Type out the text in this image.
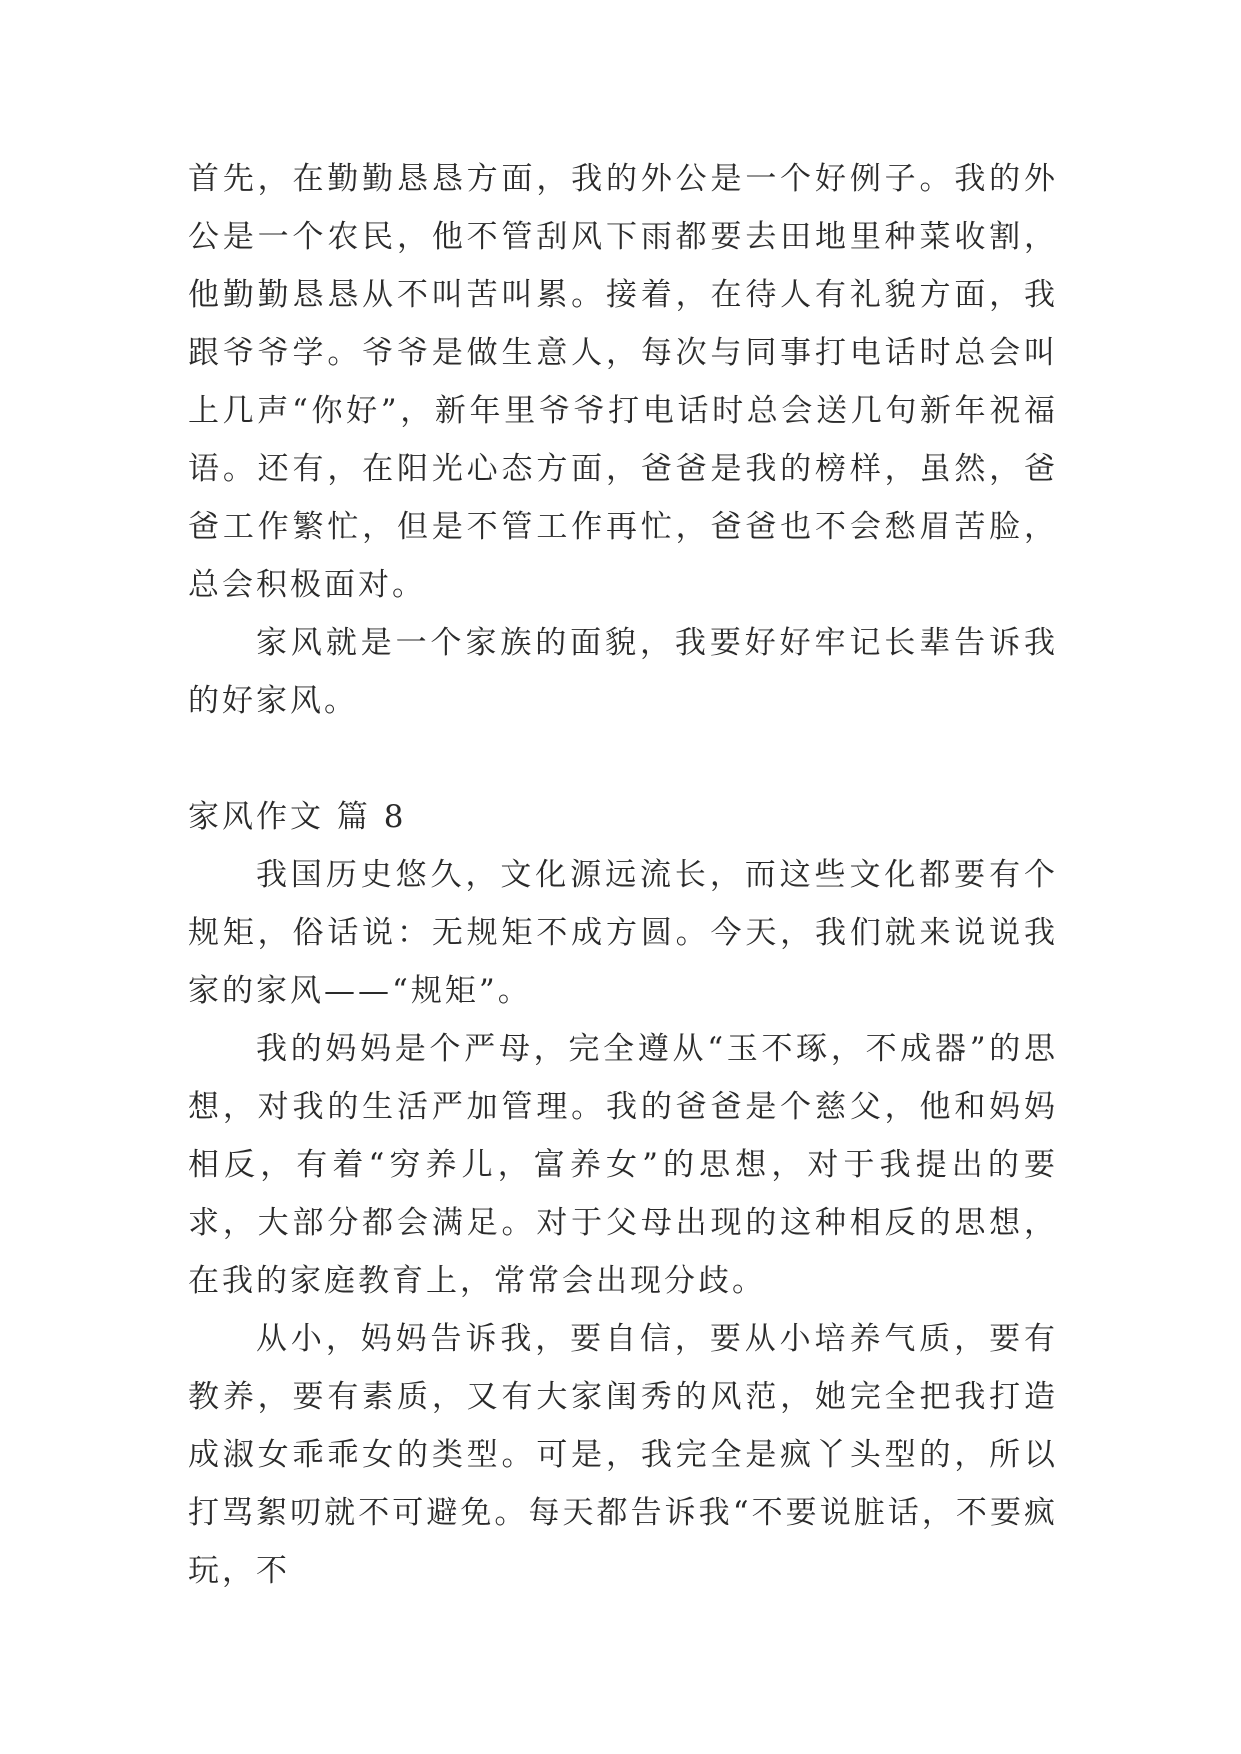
首先，在勤勤恳恳方面，我的外公是一个好例子。我的外公是一个农民，他不管刮风下雨都要去田地里种菜收割，他勤勤恳恳从不叫苦叫累。接着，在待人有礼貌方面，我跟爷爷学。爷爷是做生意人，每次与同事打电话时总会叫上几声“你好”，新年里爷爷打电话时总会送几句新年祝福语。还有，在阳光心态方面，爸爸是我的榜样，虽然，爸爸工作繁忙，但是不管工作再忙，爸爸也不会愁眉苦脸，总会积极面对。

家风就是一个家族的面貌，我要好好牢记长辈告诉我的好家风。

家风作文 篇 8

我国历史悠久，文化源远流长，而这些文化都要有个规矩，俗话说：无规矩不成方圆。今天，我们就来说说我家的家风——“规矩”。

我的妈妈是个严母，完全遵从“玉不琢，不成器”的思想，对我的生活严加管理。我的爸爸是个慈父，他和妈妈相反，有着“穷养儿，富养女”的思想，对于我提出的要求，大部分都会满足。对于父母出现的这种相反的思想，在我的家庭教育上，常常会出现分歧。

从小，妈妈告诉我，要自信，要从小培养气质，要有教养，要有素质，又有大家闺秀的风范，她完全把我打造成淑女乖乖女的类型。可是，我完全是疯丫头型的，所以打骂絮叨就不可避免。每天都告诉我“不要说脏话，不要疯玩，不
